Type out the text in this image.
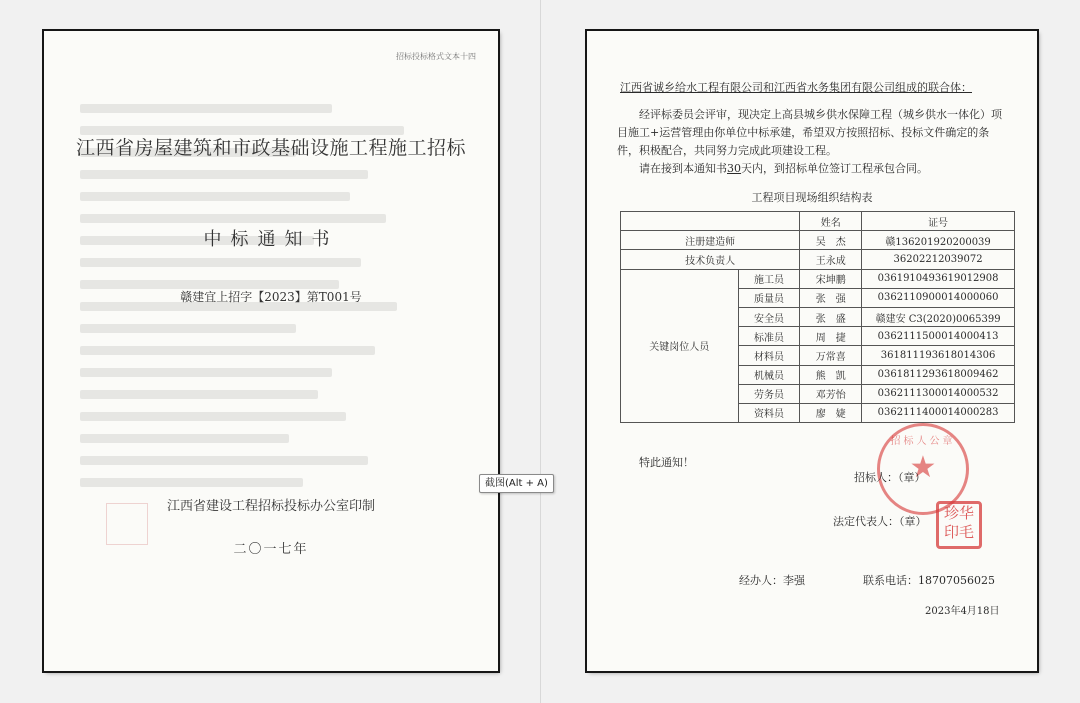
招标投标格式文本十四
江西省房屋建筑和市政基础设施工程施工招标
中标通知书
赣建宜上招字【2023】第T001号
江西省建设工程招标投标办公室印制
二〇一七年
截图(Alt + A)
江西省诚乡给水工程有限公司和江西省水务集团有限公司组成的联合体：
经评标委员会评审，现决定上高县城乡供水保障工程（城乡供水一体化）项目施工+运营管理由你单位中标承建，希望双方按照招标、投标文件确定的条件，积极配合，共同努力完成此项建设工程。
请在接到本通知书30天内，到招标单位签订工程承包合同。
工程项目现场组织结构表
		姓名	证号
注册建造师		吴　杰	赣136201920200039
技术负责人		王永成	36202212039072
关键岗位人员	施工员	宋坤鹏	0361910493619012908
	质量员	张　强	0362110900014000060
	安全员	张　盛	赣建安 C3(2020)0065399
	标准员	周　捷	0362111500014000413
	材料员	万常喜	361811193618014306
	机械员	熊　凯	0361811293618009462
	劳务员	邓芳怡	0362111300014000532
	资料员	廖　婕	0362111400014000283
特此通知！
招标人公章
★
招标人：（章）
法定代表人：（章）	珍华
印毛
经办人：李强	联系电话：18707056025
2023年4月18日
